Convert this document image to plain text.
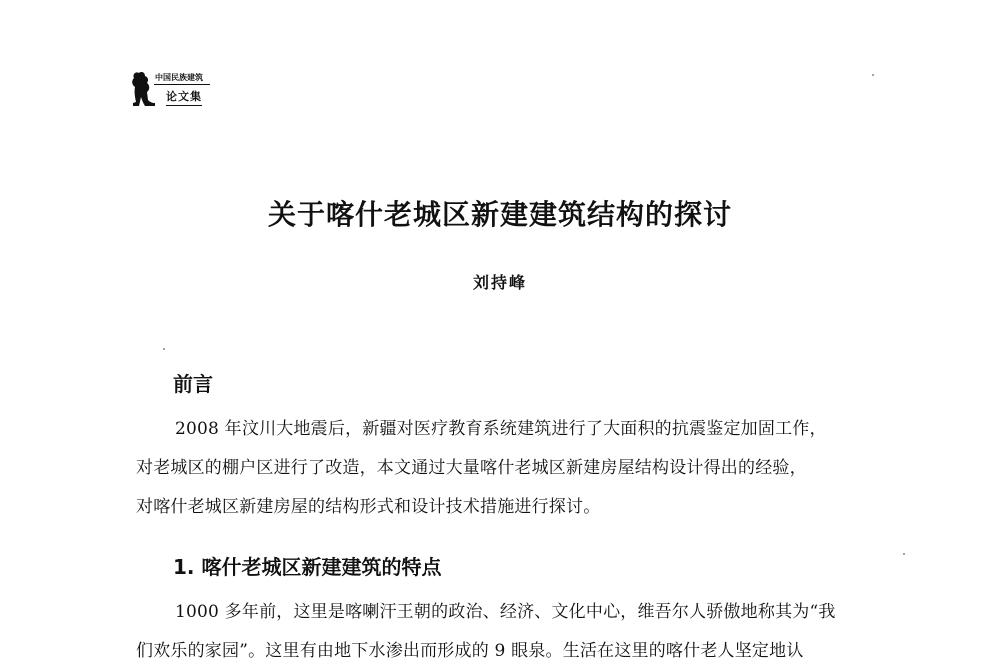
中国民族建筑
论文集
关于喀什老城区新建建筑结构的探讨
刘持峰
前言
2008 年汶川大地震后，新疆对医疗教育系统建筑进行了大面积的抗震鉴定加固工作，
对老城区的棚户区进行了改造，本文通过大量喀什老城区新建房屋结构设计得出的经验，
对喀什老城区新建房屋的结构形式和设计技术措施进行探讨。
1. 喀什老城区新建建筑的特点
1000 多年前，这里是喀喇汗王朝的政治、经济、文化中心，维吾尔人骄傲地称其为“我
们欢乐的家园”。这里有由地下水渗出而形成的 9 眼泉。生活在这里的喀什老人坚定地认
